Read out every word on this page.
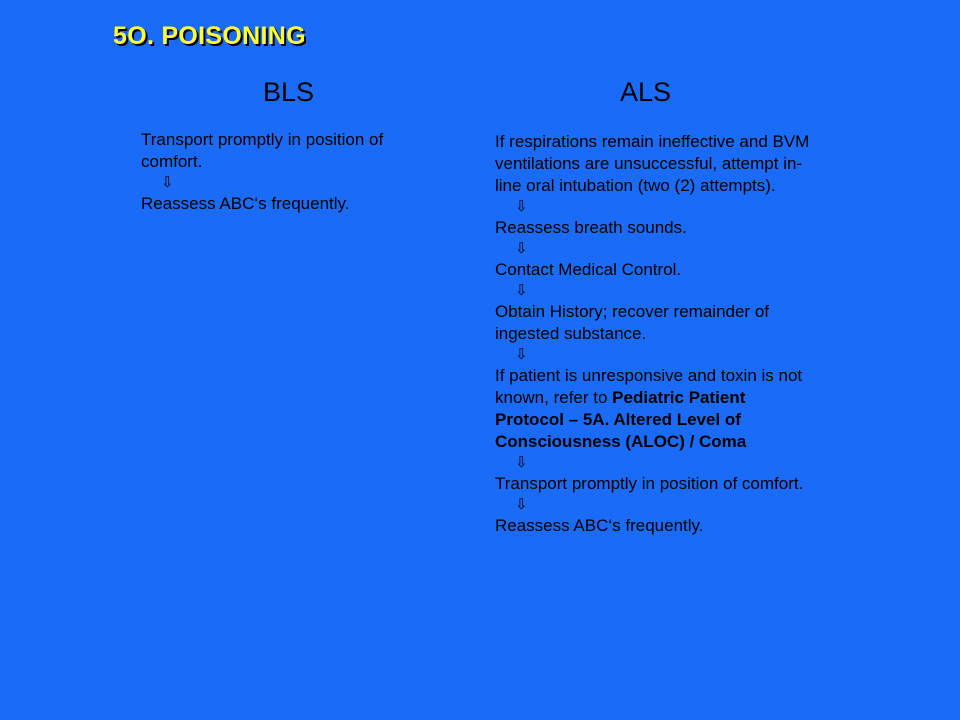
5O. POISONING
BLS	ALS

Transport promptly in position of comfort.

⇩

Reassess ABC‘s frequently.

If respirations remain ineffective and BVM ventilations are unsuccessful, attempt in-line oral intubation (two (2) attempts).

⇩

Reassess breath sounds.

⇩

Contact Medical Control.

⇩

Obtain History; recover remainder of ingested substance.

⇩

If patient is unresponsive and toxin is not known, refer to Pediatric Patient Protocol – 5A. Altered Level of Consciousness (ALOC) / Coma

⇩

Transport promptly in position of comfort.

⇩

Reassess ABC‘s frequently.
